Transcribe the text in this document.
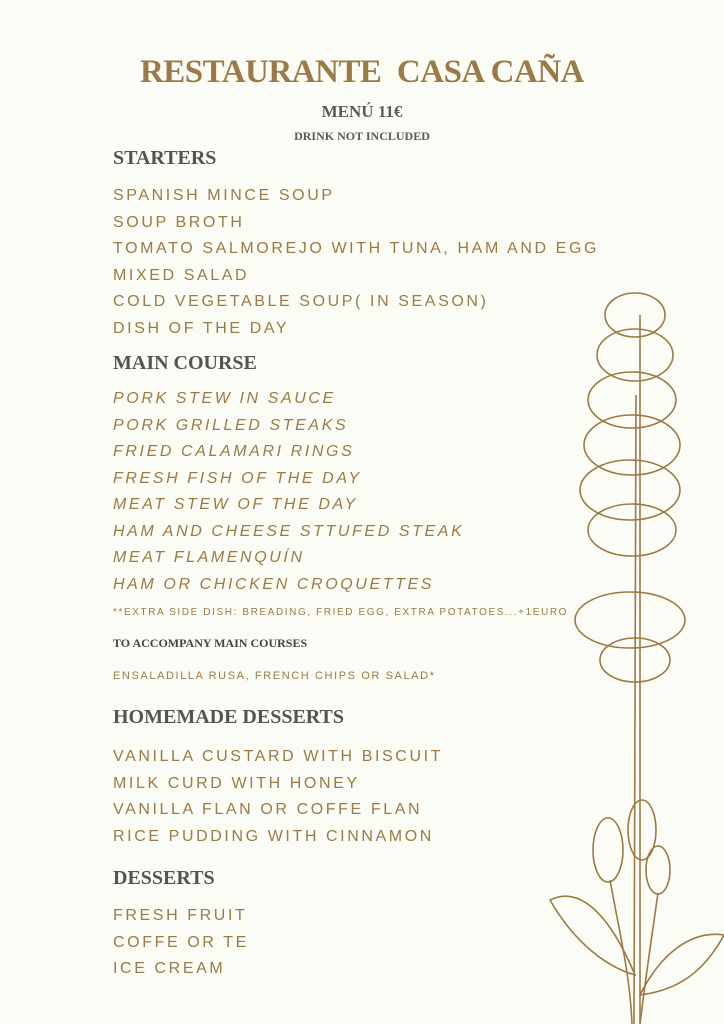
RESTAURANTE  CASA CAÑA
MENÚ 11€
DRINK NOT INCLUDED
STARTERS
SPANISH MINCE SOUP
SOUP BROTH
TOMATO SALMOREJO WITH TUNA, HAM AND EGG
MIXED SALAD
COLD VEGETABLE SOUP( IN SEASON)
DISH OF THE DAY
MAIN COURSE
PORK STEW IN SAUCE
PORK GRILLED STEAKS
FRIED CALAMARI RINGS
FRESH FISH OF THE DAY
MEAT STEW OF THE DAY
HAM AND CHEESE STTUFED STEAK
MEAT FLAMENQUÍN
HAM OR CHICKEN CROQUETTES
**EXTRA SIDE DISH: BREADING, FRIED EGG, EXTRA POTATOES...+1EURO
TO ACCOMPANY MAIN COURSES
ENSALADILLA RUSA, FRENCH CHIPS OR SALAD*
HOMEMADE DESSERTS
VANILLA CUSTARD WITH BISCUIT
MILK CURD WITH HONEY
VANILLA FLAN OR COFFE FLAN
RICE PUDDING WITH CINNAMON
DESSERTS
FRESH FRUIT
COFFE OR TE
ICE CREAM
